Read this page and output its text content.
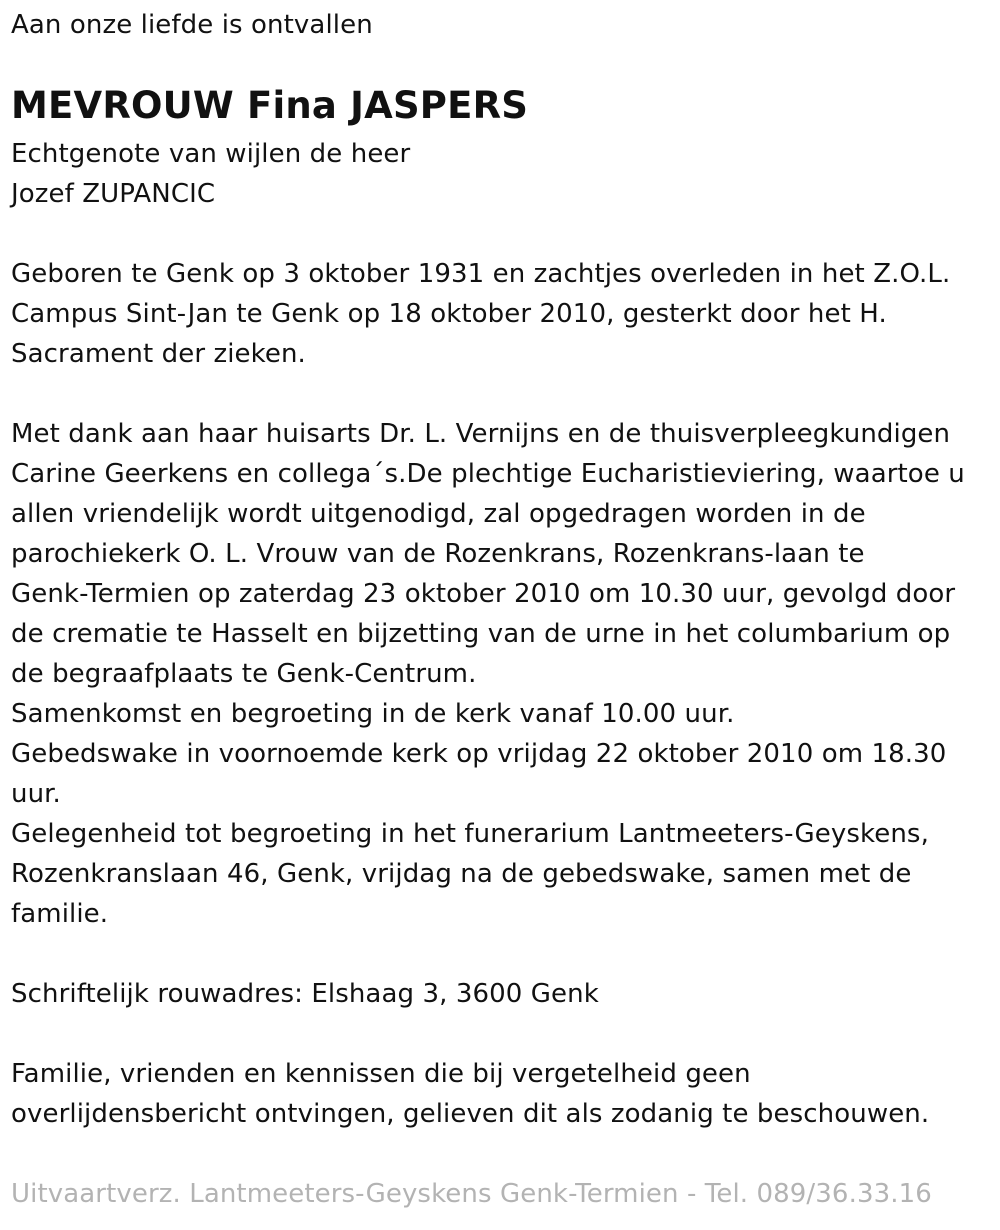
Aan onze liefde is ontvallen
MEVROUW Fina JASPERS
Echtgenote van wijlen de heer
Jozef ZUPANCIC
Geboren te Genk op 3 oktober 1931 en zachtjes overleden in het Z.O.L.
Campus Sint-Jan te Genk op 18 oktober 2010, gesterkt door het H.
Sacrament der zieken.
Met dank aan haar huisarts Dr. L. Vernijns en de thuisverpleegkundigen
Carine Geerkens en collega´s.De plechtige Eucharistieviering, waartoe u
allen vriendelijk wordt uitgenodigd, zal opgedragen worden in de
parochiekerk O. L. Vrouw van de Rozenkrans, Rozenkrans-laan te
Genk-Termien op zaterdag 23 oktober 2010 om 10.30 uur, gevolgd door
de crematie te Hasselt en bijzetting van de urne in het columbarium op
de begraafplaats te Genk-Centrum.
Samenkomst en begroeting in de kerk vanaf 10.00 uur.
Gebedswake in voornoemde kerk op vrijdag 22 oktober 2010 om 18.30
uur.
Gelegenheid tot begroeting in het funerarium Lantmeeters-Geyskens,
Rozenkranslaan 46, Genk, vrijdag na de gebedswake, samen met de
familie.
Schriftelijk rouwadres: Elshaag 3, 3600 Genk
Familie, vrienden en kennissen die bij vergetelheid geen
overlijdensbericht ontvingen, gelieven dit als zodanig te beschouwen.
Uitvaartverz. Lantmeeters-Geyskens Genk-Termien - Tel. 089/36.33.16
